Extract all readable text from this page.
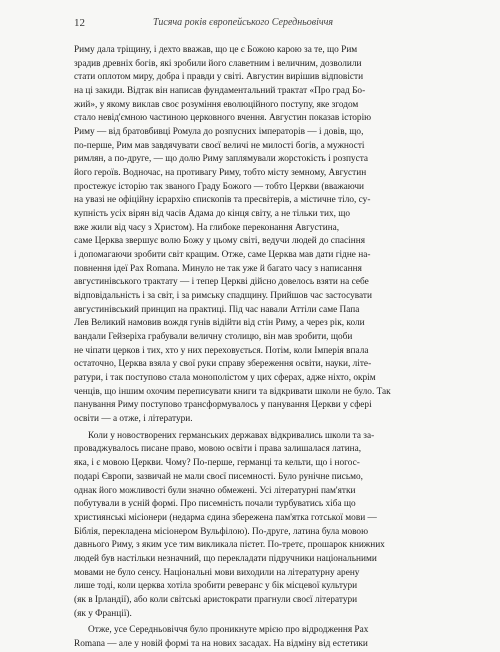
12	Тисяча років європейського Середньовіччя
Риму дала тріщину, і дехто вважав, що це є Божою карою за те, що Рим
зрадив древніх богів, які зробили його славетним і величним, дозволили
стати оплотом миру, добра і правди у світі. Августин вирішив відповісти
на ці закиди. Відтак він написав фундаментальний трактат «Про град Бо-
жий», у якому виклав своє розуміння еволюційного поступу, яке згодом
стало невід'ємною частиною церковного вчення. Августин показав історію
Риму — від братовбивці Ромула до розпусних імператорів — і довів, що,
по-перше, Рим мав завдячувати своєї величі не милості богів, а мужності
римлян, а по-друге, — що долю Риму заплямували жорстокість і розпуста
його героїв. Водночас, на противагу Риму, тобто місту земному, Августин
простежує історію так званого Граду Божого — тобто Церкви (вважаючи
на увазі не офіційну ієрархію єпископів та пресвітерів, а містичне тіло, су-
купність усіх вірян від часів Адама до кінця світу, а не тільки тих, що
вже жили від часу з Христом). На глибоке переконання Августина,
саме Церква звершує волю Божу у цьому світі, ведучи людей до спасіння
і допомагаючи зробити світ кращим. Отже, саме Церква мав дати гідне на-
повнення ідеї Pax Romana. Минуло не так уже й багато часу з написання
августинівського трактату — і тепер Церкві дійсно довелось взяти на себе
відповідальність і за світ, і за римську спадщину. Прийшов час застосувати
августинівський принцип на практиці. Під час навали Аттіли саме Папа
Лев Великий намовив вождя гунів відійти від стін Риму, а через рік, коли
вандали Гейзеріха грабували величну столицю, він мав зробити, щоби
не чіпати церков і тих, хто у них переховується. Потім, коли Імперія впала
остаточно, Церква взяла у свої руки справу збереження освіти, науки, літе-
ратури, і так поступово стала монополістом у цих сферах, адже ніхто, окрім
ченців, що іншим охочим переписувати книги та відкривати школи не було. Так
панування Риму поступово трансформувалось у панування Церкви у сфері
освіти — а отже, і літератури.
Коли у новостворених германських державах відкривались школи та за-
проваджувалось писане право, мовою освіти і права залишалася латина,
яка, і є мовою Церкви. Чому? По-перше, германці та кельти, що і ногос-
подарі Європи, зазвичай не мали своєї писемності. Було рунічне письмо,
однак його можливості були значно обмежені. Усі літературні пам'ятки
побутували в усній формі. Про писемність почали турбуватись хіба що
християнські місіонери (недарма єдина збережена пам'ятка готської мови —
Біблія, перекладена місіонером Вульфілою). По-друге, латина була мовою
давнього Риму, з яким усе тим викликала пієтет. По-третє, прошарок книжних
людей був настільки незначний, що перекладати підручники національними
мовами не було сенсу. Національні мови виходили на літературну арену
лише тоді, коли церква хотіла зробити реверанс у бік місцевої культури
(як в Ірландії), або коли світські аристократи прагнули своєї літератури
(як у Франції).
Отже, усе Середньовіччя було проникнуте мрією про відродження Pax
Romana — але у новій формі та на нових засадах. На відміну від естетики
